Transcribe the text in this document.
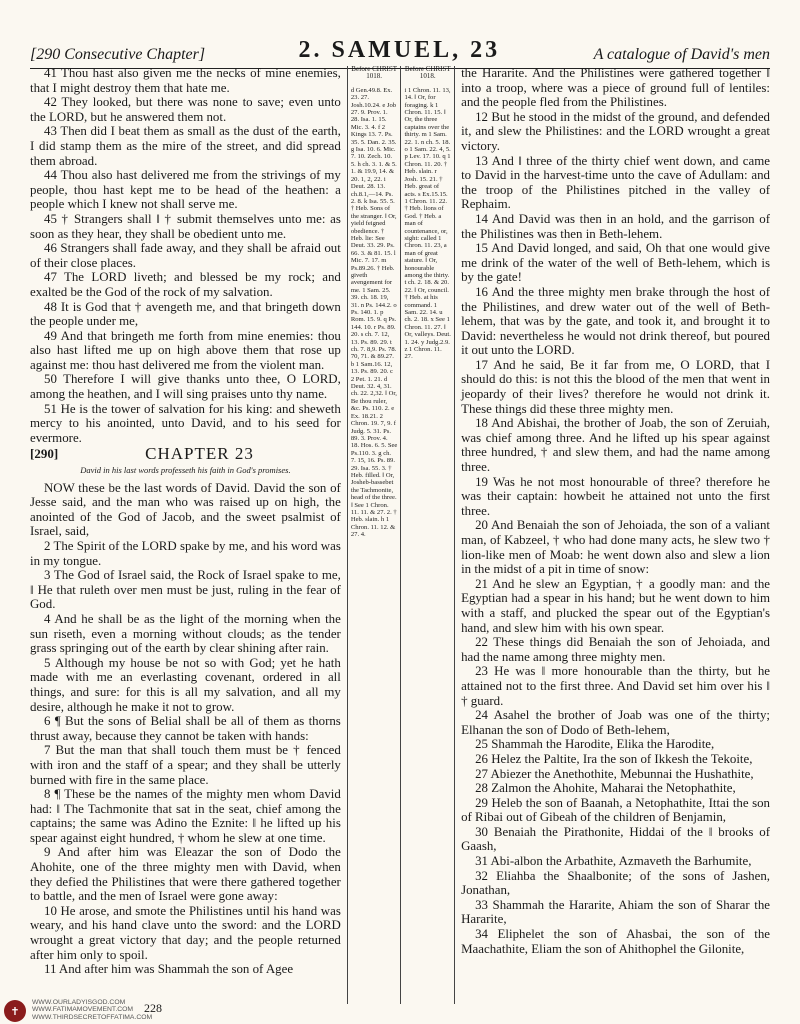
[290 Consecutive Chapter]	2. SAMUEL, 23	A catalogue of David's men

41 Thou hast also given me the necks of mine enemies, that I might destroy them that hate me.

42 They looked, but there was none to save; even unto the LORD, but he answered them not.

43 Then did I beat them as small as the dust of the earth, I did stamp them as the mire of the street, and did spread them abroad.

44 Thou also hast delivered me from the strivings of my people, thou hast kept me to be head of the heathen: a people which I knew not shall serve me.

45 † Strangers shall ‖ † submit themselves unto me: as soon as they hear, they shall be obedient unto me.

46 Strangers shall fade away, and they shall be afraid out of their close places.

47 The LORD liveth; and blessed be my rock; and exalted be the God of the rock of my salvation.

48 It is God that † avengeth me, and that bringeth down the people under me,

49 And that bringeth me forth from mine enemies: thou also hast lifted me up on high above them that rose up against me: thou hast delivered me from the violent man.

50 Therefore I will give thanks unto thee, O LORD, among the heathen, and I will sing praises unto thy name.

51 He is the tower of salvation for his king: and sheweth mercy to his anointed, unto David, and to his seed for evermore.

[290]	CHAPTER 23

David in his last words professeth his faith in God's promises.

NOW these be the last words of David. David the son of Jesse said, and the man who was raised up on high, the anointed of the God of Jacob, and the sweet psalmist of Israel, said,

2 The Spirit of the LORD spake by me, and his word was in my tongue.

3 The God of Israel said, the Rock of Israel spake to me, ‖ He that ruleth over men must be just, ruling in the fear of God.

4 And he shall be as the light of the morning when the sun riseth, even a morning without clouds; as the tender grass springing out of the earth by clear shining after rain.

5 Although my house be not so with God; yet he hath made with me an everlasting covenant, ordered in all things, and sure: for this is all my salvation, and all my desire, although he make it not to grow.

6 ¶ But the sons of Belial shall be all of them as thorns thrust away, because they cannot be taken with hands:

7 But the man that shall touch them must be † fenced with iron and the staff of a spear; and they shall be utterly burned with fire in the same place.

8 ¶ These be the names of the mighty men whom David had: ‖ The Tachmonite that sat in the seat, chief among the captains; the same was Adino the Eznite: ‖ he lifted up his spear against eight hundred, † whom he slew at one time.

9 And after him was Eleazar the son of Dodo the Ahohite, one of the three mighty men with David, when they defied the Philistines that were there gathered together to battle, and the men of Israel were gone away:

10 He arose, and smote the Philistines until his hand was weary, and his hand clave unto the sword: and the LORD wrought a great victory that day; and the people returned after him only to spoil.

11 And after him was Shammah the son of Agee

Before CHRIST 1018.

d Gen.49.8. Ex. 23. 27. Josh.10.24. e Job 27. 9. Prov. 1. 28. Isa. 1. 15. Mic. 3. 4. f 2 Kings 13. 7. Ps. 35. 5. Dan. 2. 35. g Isa. 10. 6. Mic. 7. 10. Zech. 10. 5. h ch. 3. 1. & 5. 1. & 19.9, 14. & 20. 1, 2, 22. i Deut. 28. 13. ch.8.1,—14. Ps. 2. 8. k Isa. 55. 5. † Heb. Sons of the stranger. ‖ Or, yield feigned obedience. † Heb. lie: See Deut. 33. 29. Ps. 66. 3. & 81. 15. l Mic. 7. 17. m Ps.89.26. † Heb. giveth avengement for me. 1 Sam. 25. 39. ch. 18. 19, 31. n Ps. 144.2. o Ps. 140. 1. p Rom. 15. 9. q Ps. 144. 10. r Ps. 89. 20. s ch. 7. 12, 13. Ps. 89. 29. t ch. 7. 8,9. Ps. 78. 70, 71. & 89.27. b 1 Sam.16. 12, 13. Ps. 89. 20. c 2 Pet. 1. 21. d Deut. 32. 4, 31. ch. 22. 2,32. ‖ Or, Be thou ruler, &c. Ps. 110. 2. e Ex. 18.21. 2 Chron. 19. 7, 9. f Judg. 5. 31. Ps. 89. 3. Prov. 4. 18. Hos. 6. 5. See Ps.110. 3. g ch. 7. 15, 16. Ps. 89. 29. Isa. 55. 3. † Heb. filled. ‖ Or, Josheb-bassebet the Tachmonite, head of the three. ‖ See 1 Chron. 11. 11. & 27. 2. † Heb. slain. h 1 Chron. 11. 12. & 27. 4.

Before CHRIST 1018.

i 1 Chron. 11. 13, 14. ‖ Or, for foraging. k 1 Chron. 11. 15. ‖ Or, the three captains over the thirty. m 1 Sam. 22. 1. n ch. 5. 18. o 1 Sam. 22. 4, 5. p Lev. 17. 10. q 1 Chron. 11. 20. † Heb. slain. r Josh. 15. 21. † Heb. great of acts. s Ex.15.15. 1 Chron. 11. 22. † Heb. lions of God. † Heb. a man of countenance, or, sight: called 1 Chron. 11. 23, a man of great stature. ‖ Or, honourable among the thirty. t ch. 2. 18. & 20. 22. ‖ Or, council. † Heb. at his command. 1 Sam. 22. 14. u ch. 2. 18. x See 1 Chron. 11. 27. ‖ Or, valleys. Deut. 1. 24. y Judg.2.9. z 1 Chron. 11. 27.

the Hararite. And the Philistines were gathered together ‖ into a troop, where was a piece of ground full of lentiles: and the people fled from the Philistines.

12 But he stood in the midst of the ground, and defended it, and slew the Philistines: and the LORD wrought a great victory.

13 And ‖ three of the thirty chief went down, and came to David in the harvest-time unto the cave of Adullam: and the troop of the Philistines pitched in the valley of Rephaim.

14 And David was then in an hold, and the garrison of the Philistines was then in Beth-lehem.

15 And David longed, and said, Oh that one would give me drink of the water of the well of Beth-lehem, which is by the gate!

16 And the three mighty men brake through the host of the Philistines, and drew water out of the well of Beth-lehem, that was by the gate, and took it, and brought it to David: nevertheless he would not drink thereof, but poured it out unto the LORD.

17 And he said, Be it far from me, O LORD, that I should do this: is not this the blood of the men that went in jeopardy of their lives? therefore he would not drink it. These things did these three mighty men.

18 And Abishai, the brother of Joab, the son of Zeruiah, was chief among three. And he lifted up his spear against three hundred, † and slew them, and had the name among three.

19 Was he not most honourable of three? therefore he was their captain: howbeit he attained not unto the first three.

20 And Benaiah the son of Jehoiada, the son of a valiant man, of Kabzeel, † who had done many acts, he slew two † lion-like men of Moab: he went down also and slew a lion in the midst of a pit in time of snow:

21 And he slew an Egyptian, † a goodly man: and the Egyptian had a spear in his hand; but he went down to him with a staff, and plucked the spear out of the Egyptian's hand, and slew him with his own spear.

22 These things did Benaiah the son of Jehoiada, and had the name among three mighty men.

23 He was ‖ more honourable than the thirty, but he attained not to the first three. And David set him over his ‖ † guard.

24 Asahel the brother of Joab was one of the thirty; Elhanan the son of Dodo of Beth-lehem,

25 Shammah the Harodite, Elika the Harodite,

26 Helez the Paltite, Ira the son of Ikkesh the Tekoite,

27 Abiezer the Anethothite, Mebunnai the Hushathite,

28 Zalmon the Ahohite, Maharai the Netophathite,

29 Heleb the son of Baanah, a Netophathite, Ittai the son of Ribai out of Gibeah of the children of Benjamin,

30 Benaiah the Pirathonite, Hiddai of the ‖ brooks of Gaash,

31 Abi-albon the Arbathite, Azmaveth the Barhumite,

32 Eliahba the Shaalbonite; of the sons of Jashen, Jonathan,

33 Shammah the Hararite, Ahiam the son of Sharar the Hararite,

34 Eliphelet the son of Ahasbai, the son of the Maachathite, Eliam the son of Ahithophel the Gilonite,

✝
WWW.OURLADYISGOD.COM
WWW.FATIMAMOVEMENT.COM
WWW.THIRDSECRETOFFATIMA.COM
228
